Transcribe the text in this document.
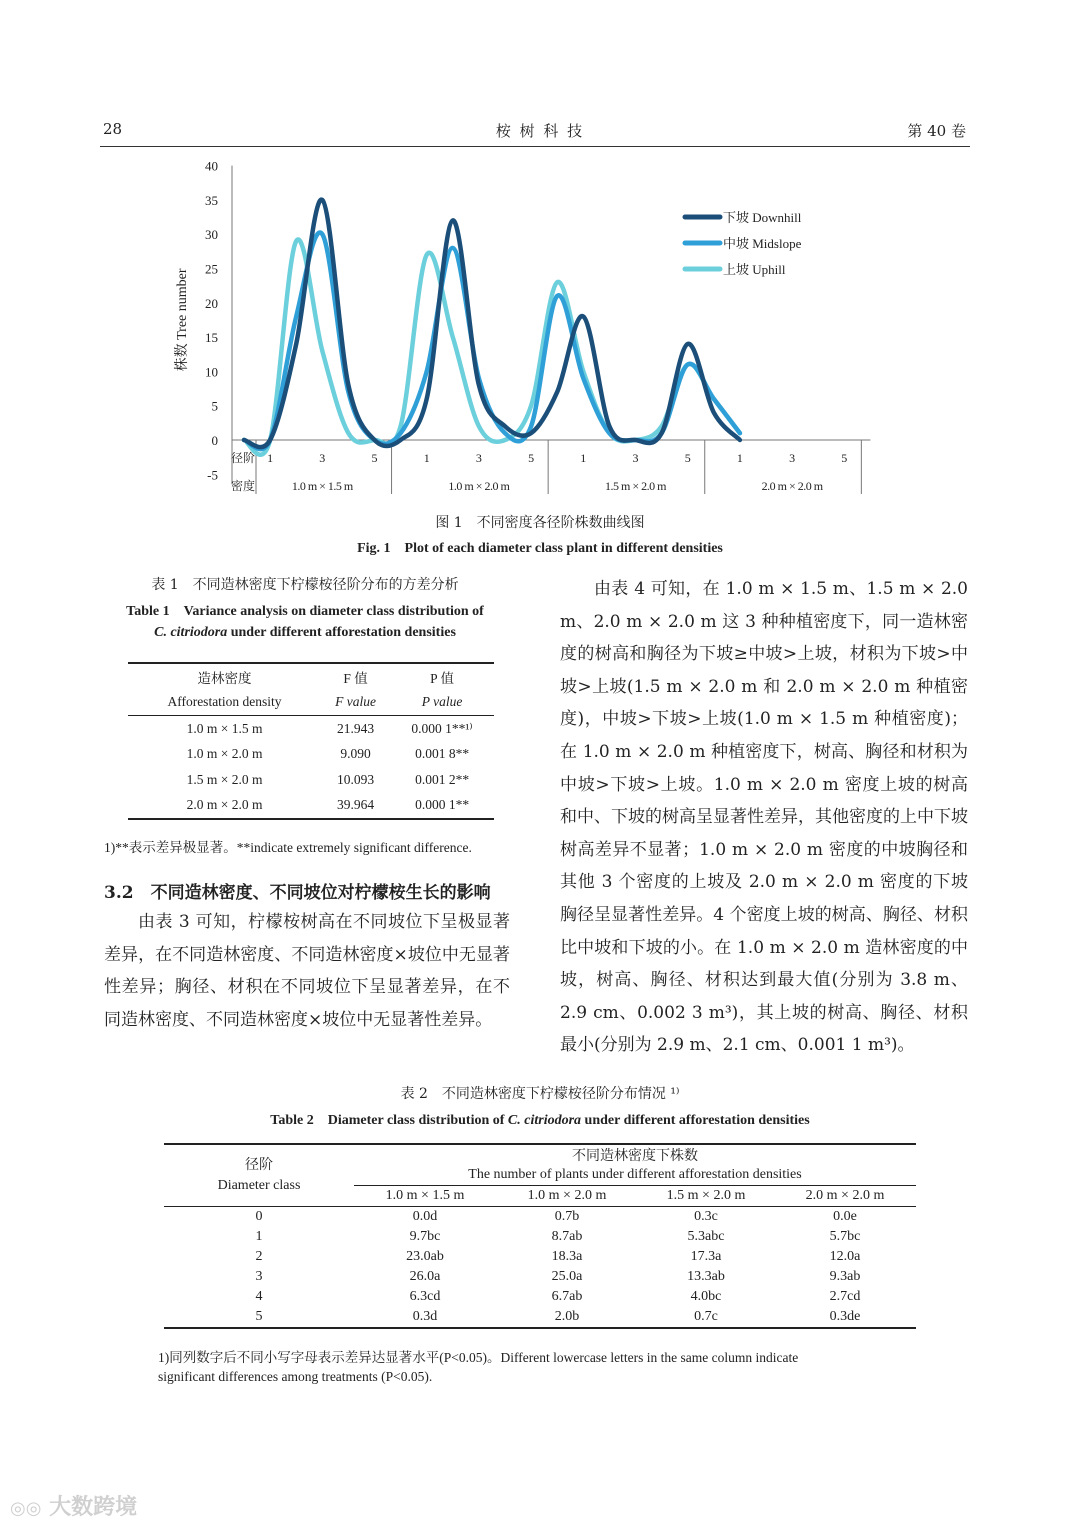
28	桉 树 科 技	第 40 卷
-5
0
5
10
15
20
25
30
35
40
株数 Tree number
径阶
密度
1	3	5	1	3	5	1	3	5	1	3	5
1.0 m × 1.5 m	1.0 m × 2.0 m	1.5 m × 2.0 m	2.0 m × 2.0 m
下坡 Downhill
中坡 Midslope
上坡 Uphill
图 1　不同密度各径阶株数曲线图
Fig. 1　Plot of each diameter class plant in different densities
表 1　不同造林密度下柠檬桉径阶分布的方差分析
Table 1　Variance analysis on diameter class distribution of
C. citriodora under different afforestation densities
造林密度	F 值	P 值
Afforestation density	F value	P value
1.0 m × 1.5 m	21.943	0.000 1**¹⁾
1.0 m × 2.0 m	9.090	0.001 8**
1.5 m × 2.0 m	10.093	0.001 2**
2.0 m × 2.0 m	39.964	0.000 1**
1)**表示差异极显著。**indicate extremely significant difference.
3.2　不同造林密度、不同坡位对柠檬桉生长的影响
由表 3 可知，柠檬桉树高在不同坡位下呈极显著差异，在不同造林密度、不同造林密度×坡位中无显著性差异；胸径、材积在不同坡位下呈显著差异，在不同造林密度、不同造林密度×坡位中无显著性差异。
由表 4 可知，在 1.0 m × 1.5 m、1.5 m × 2.0 m、2.0 m × 2.0 m 这 3 种种植密度下，同一造林密度的树高和胸径为下坡≥中坡>上坡，材积为下坡>中坡>上坡(1.5 m × 2.0 m 和 2.0 m × 2.0 m 种植密度)，中坡>下坡>上坡(1.0 m × 1.5 m 种植密度)；在 1.0 m × 2.0 m 种植密度下，树高、胸径和材积为中坡>下坡>上坡。1.0 m × 2.0 m 密度上坡的树高和中、下坡的树高呈显著性差异，其他密度的上中下坡树高差异不显著；1.0 m × 2.0 m 密度的中坡胸径和其他 3 个密度的上坡及 2.0 m × 2.0 m 密度的下坡胸径呈显著性差异。4 个密度上坡的树高、胸径、材积比中坡和下坡的小。在 1.0 m × 2.0 m 造林密度的中坡，树高、胸径、材积达到最大值(分别为 3.8 m、2.9 cm、0.002 3 m³)，其上坡的树高、胸径、材积最小(分别为 2.9 m、2.1 cm、0.001 1 m³)。
表 2　不同造林密度下柠檬桉径阶分布情况 ¹⁾
Table 2　Diameter class distribution of C. citriodora under different afforestation densities
径阶
Diameter class	不同造林密度下株数			
	The number of plants under different afforestation densities			
	1.0 m × 1.5 m	1.0 m × 2.0 m	1.5 m × 2.0 m	2.0 m × 2.0 m
0	0.0d	0.7b	0.3c	0.0e
1	9.7bc	8.7ab	5.3abc	5.7bc
2	23.0ab	18.3a	17.3a	12.0a
3	26.0a	25.0a	13.3ab	9.3ab
4	6.3cd	6.7ab	4.0bc	2.7cd
5	0.3d	2.0b	0.7c	0.3de
1)同列数字后不同小写字母表示差异达显著水平(P<0.05)。Different lowercase letters in the same column indicate
significant differences among treatments (P<0.05).
◎◎ 大数跨境
